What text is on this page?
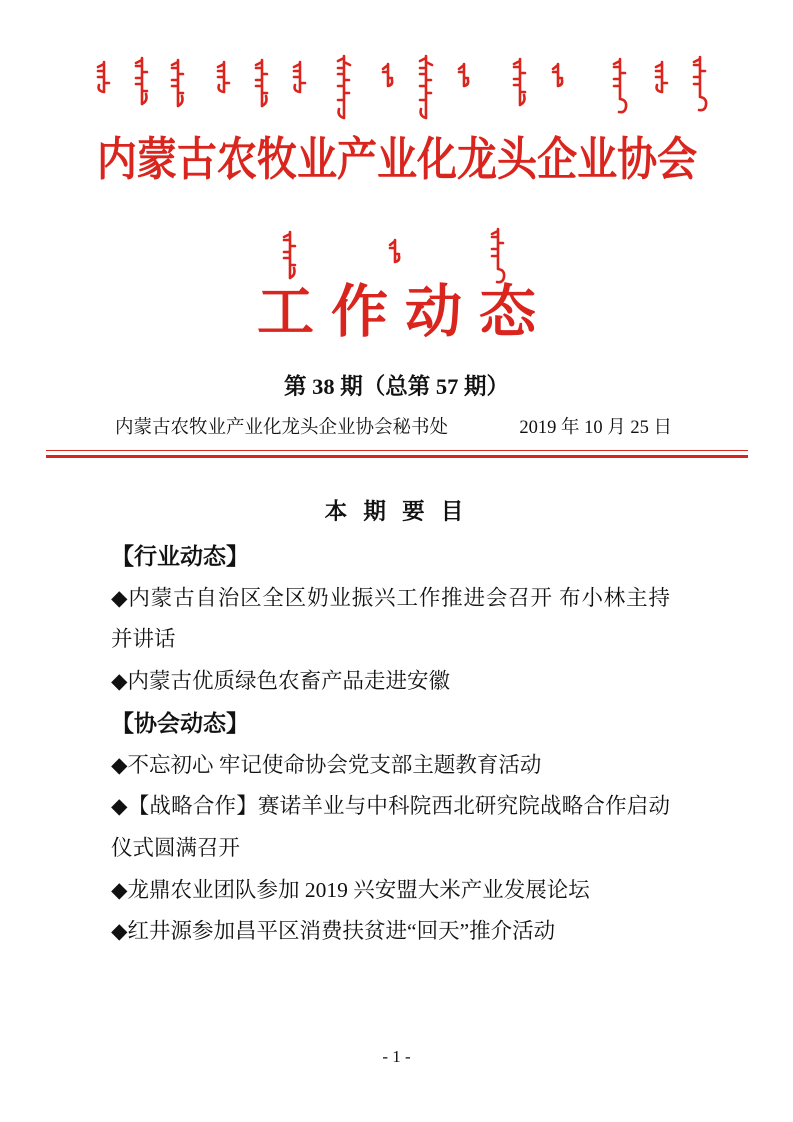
内蒙古农牧业产业化龙头企业协会
工作动态
第 38 期（总第 57 期）
内蒙古农牧业产业化龙头企业协会秘书处	2019 年 10 月 25 日
本 期 要 目
【行业动态】
◆内蒙古自治区全区奶业振兴工作推进会召开 布小林主持
并讲话
◆内蒙古优质绿色农畜产品走进安徽
【协会动态】
◆不忘初心 牢记使命协会党支部主题教育活动
◆【战略合作】赛诺羊业与中科院西北研究院战略合作启动
仪式圆满召开
◆龙鼎农业团队参加 2019 兴安盟大米产业发展论坛
◆红井源参加昌平区消费扶贫进“回天”推介活动
- 1 -
